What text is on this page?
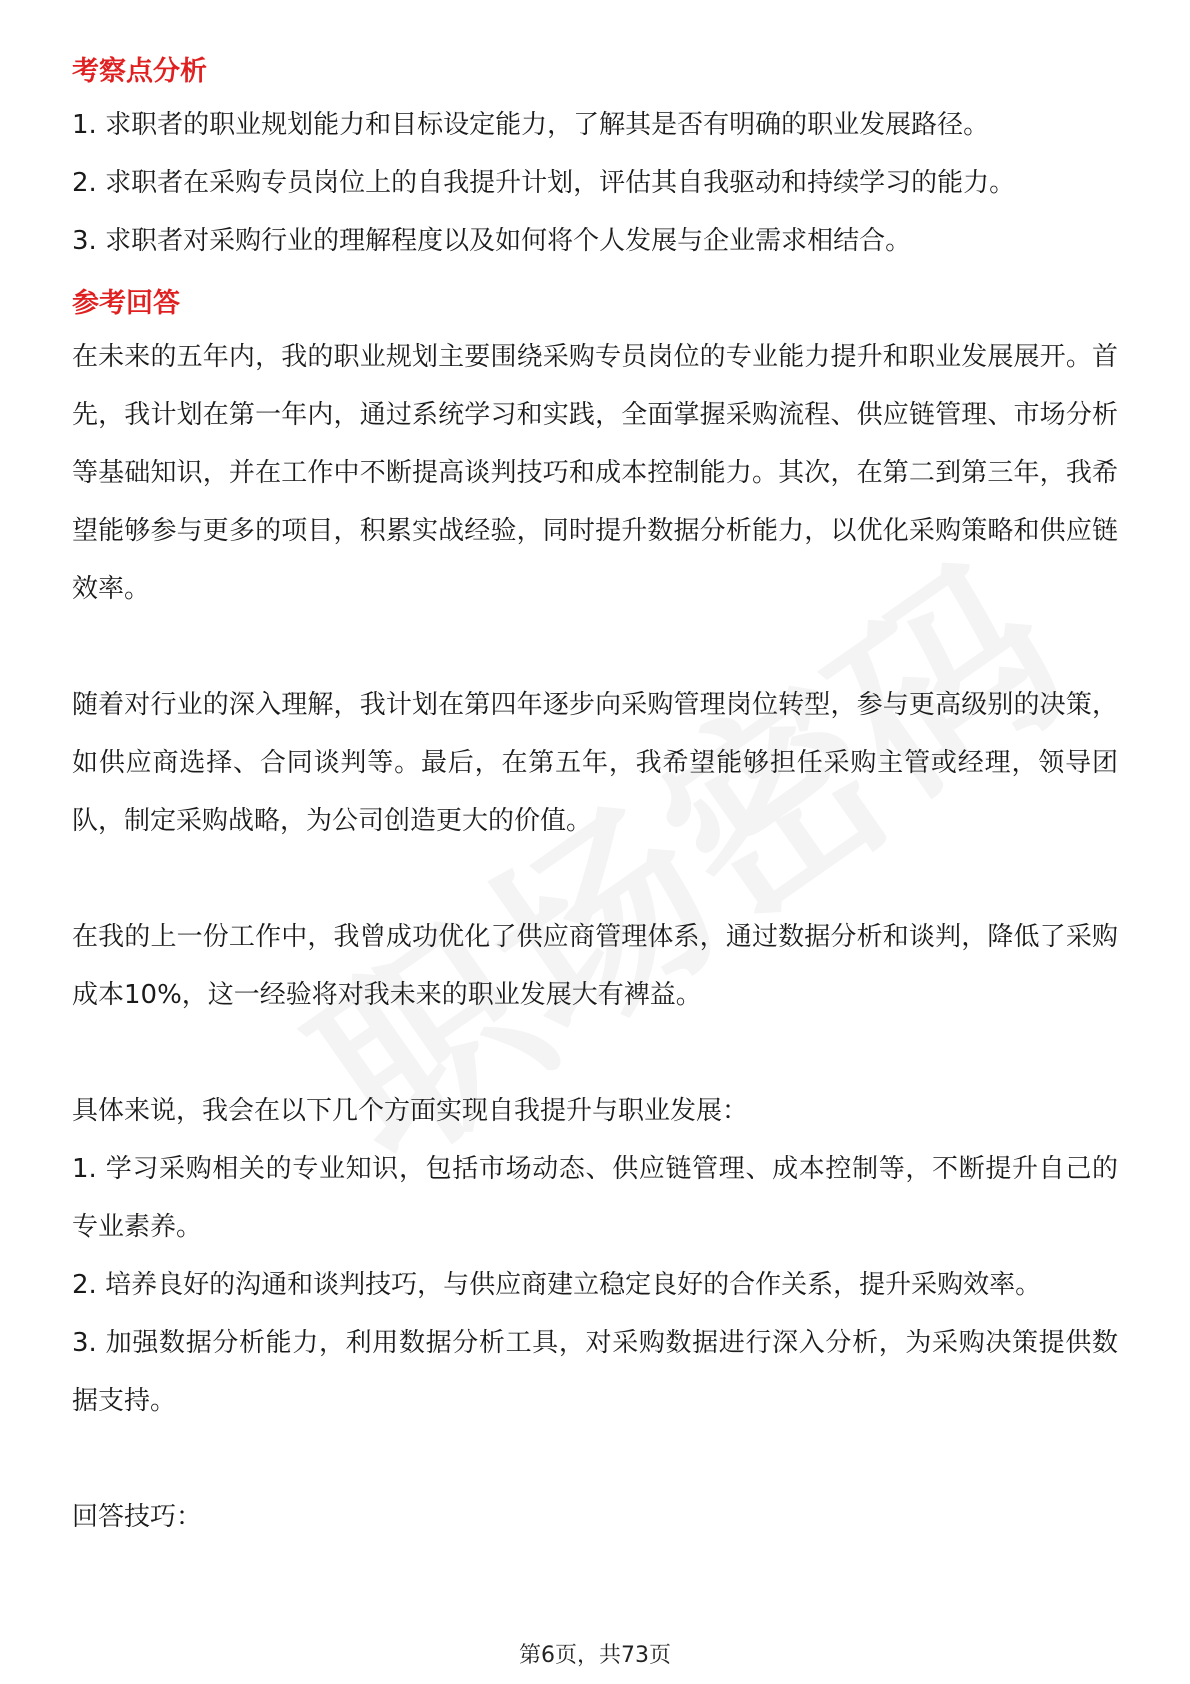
考察点分析

1. 求职者的职业规划能力和目标设定能力，了解其是否有明确的职业发展路径。

2. 求职者在采购专员岗位上的自我提升计划，评估其自我驱动和持续学习的能力。

3. 求职者对采购行业的理解程度以及如何将个人发展与企业需求相结合。

参考回答

在未来的五年内，我的职业规划主要围绕采购专员岗位的专业能力提升和职业发展展开。首先，我计划在第一年内，通过系统学习和实践，全面掌握采购流程、供应链管理、市场分析等基础知识，并在工作中不断提高谈判技巧和成本控制能力。其次，在第二到第三年，我希望能够参与更多的项目，积累实战经验，同时提升数据分析能力，以优化采购策略和供应链效率。

随着对行业的深入理解，我计划在第四年逐步向采购管理岗位转型，参与更高级别的决策，如供应商选择、合同谈判等。最后，在第五年，我希望能够担任采购主管或经理，领导团队，制定采购战略，为公司创造更大的价值。

在我的上一份工作中，我曾成功优化了供应商管理体系，通过数据分析和谈判，降低了采购成本10%，这一经验将对我未来的职业发展大有裨益。

具体来说，我会在以下几个方面实现自我提升与职业发展：

1. 学习采购相关的专业知识，包括市场动态、供应链管理、成本控制等，不断提升自己的专业素养。

2. 培养良好的沟通和谈判技巧，与供应商建立稳定良好的合作关系，提升采购效率。

3. 加强数据分析能力，利用数据分析工具，对采购数据进行深入分析，为采购决策提供数据支持。

回答技巧：

第6页，共73页
